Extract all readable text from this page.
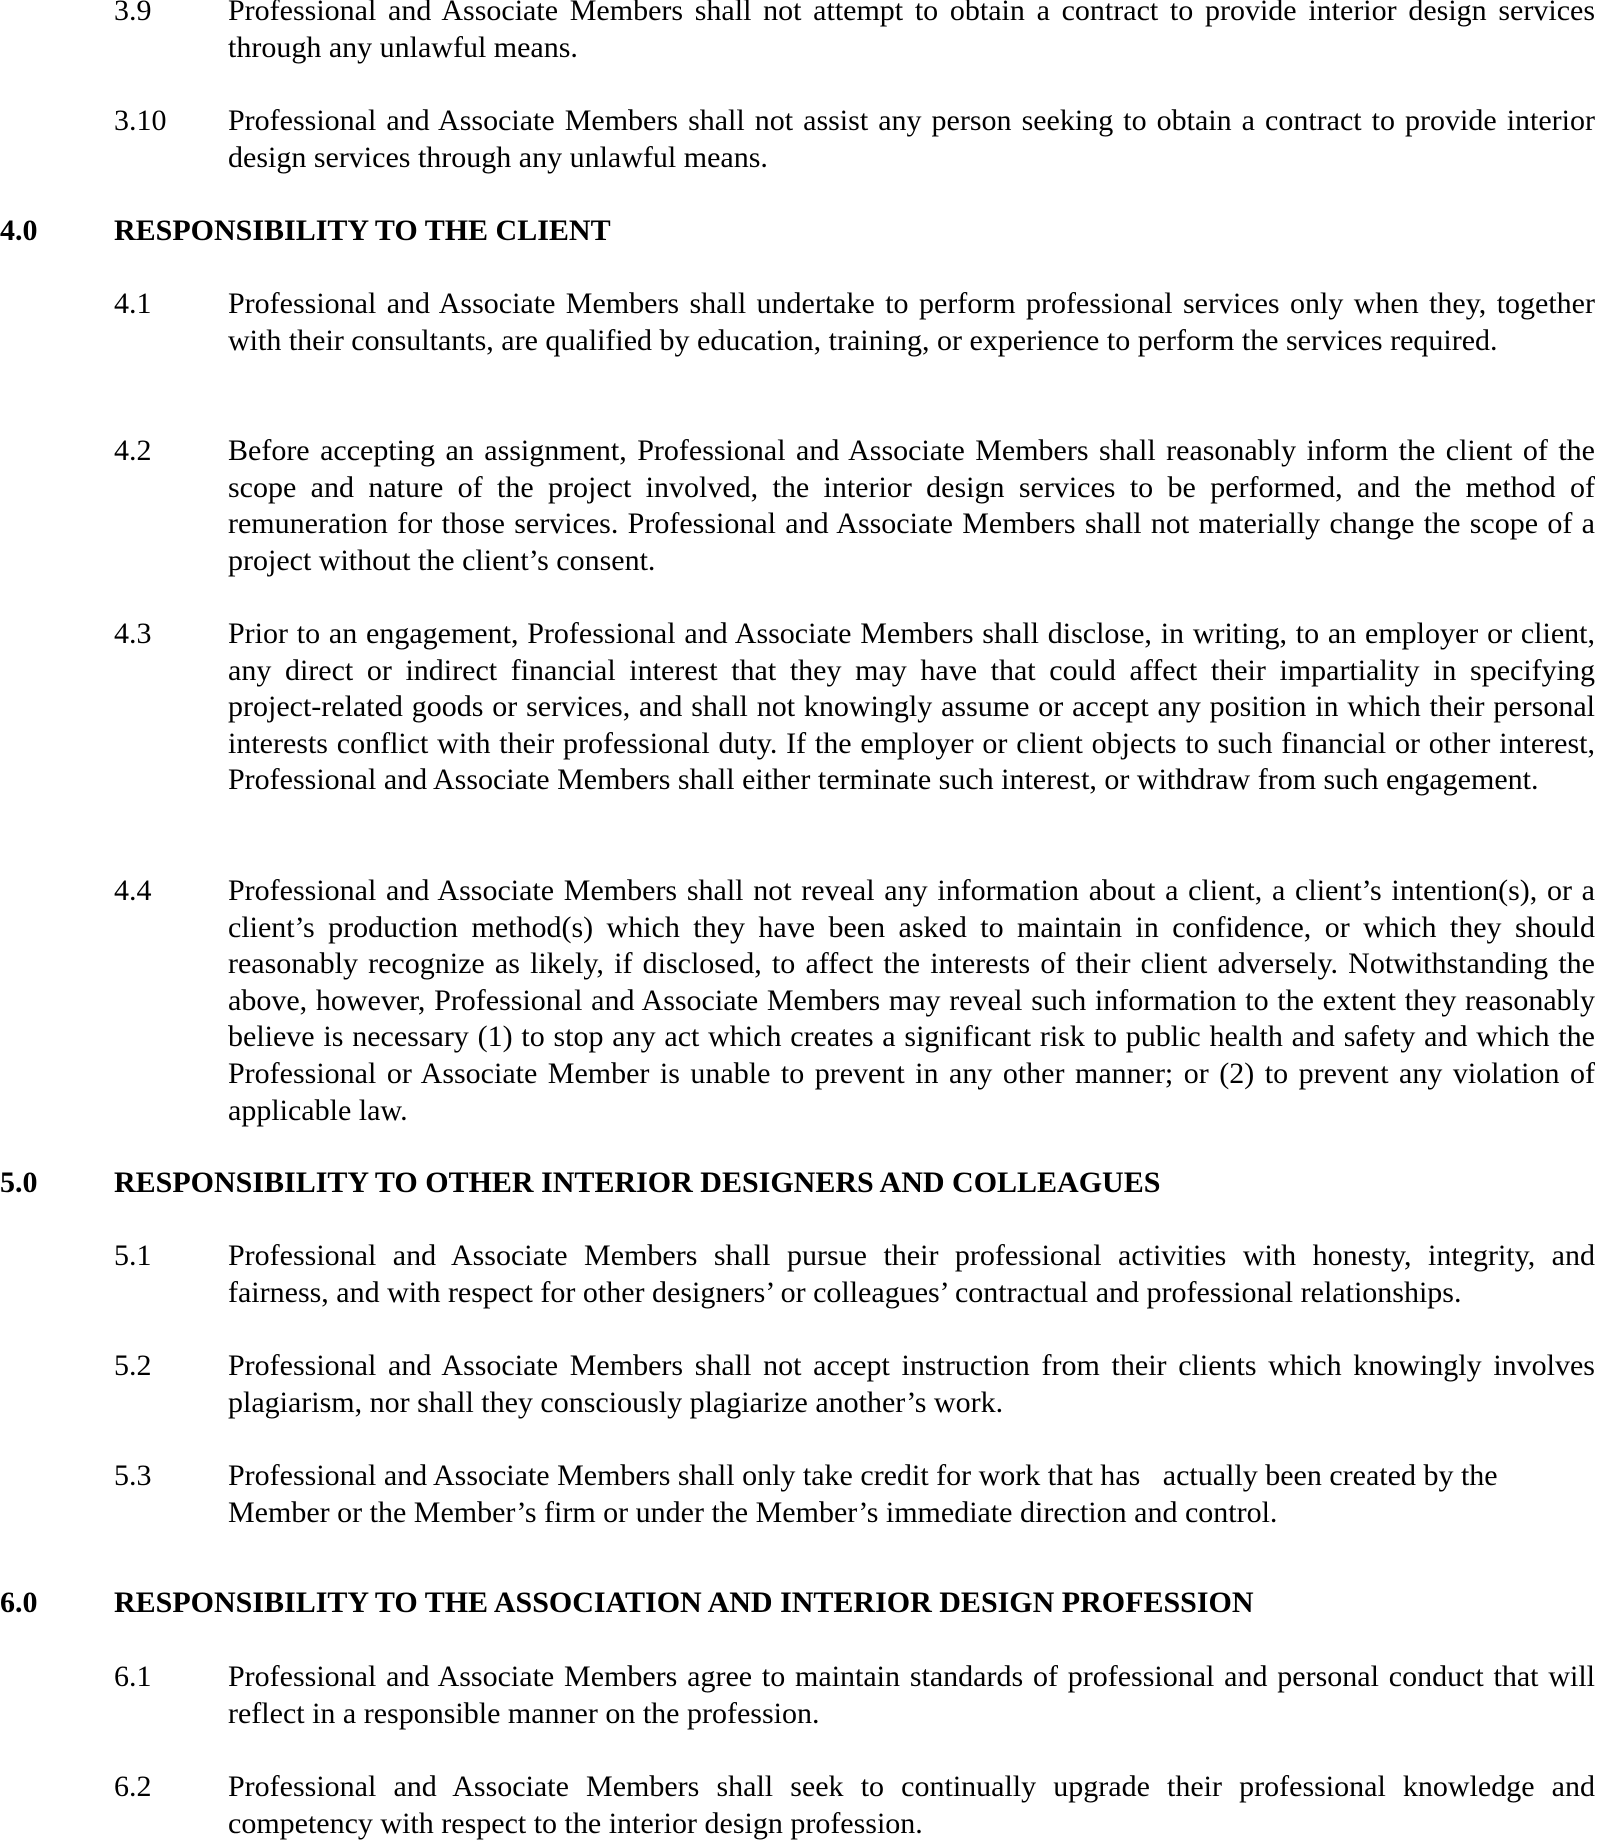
3.9	Professional and Associate Members shall not attempt to obtain a contract to provide interior design services through any unlawful means.
3.10 Professional and Associate Members shall not assist any person seeking to obtain a contract to provide interior design services through any unlawful means.
4.0	RESPONSIBILITY TO THE CLIENT
4.1	Professional and Associate Members shall undertake to perform professional services only when they, together with their consultants, are qualified by education, training, or experience to perform the services required.
4.2	Before accepting an assignment, Professional and Associate Members shall reasonably inform the client of the scope and nature of the project involved, the interior design services to be performed, and the method of remuneration for those services. Professional and Associate Members shall not materially change the scope of a project without the client’s consent.
4.3	Prior to an engagement, Professional and Associate Members shall disclose, in writing, to an employer or client, any direct or indirect financial interest that they may have that could affect their impartiality in specifying project-related goods or services, and shall not knowingly assume or accept any position in which their personal interests conflict with their professional duty. If the employer or client objects to such financial or other interest, Professional and Associate Members shall either terminate such interest, or withdraw from such engagement.
4.4	Professional and Associate Members shall not reveal any information about a client, a client’s intention(s), or a client’s production method(s) which they have been asked to maintain in confidence, or which they should reasonably recognize as likely, if disclosed, to affect the interests of their client adversely. Notwithstanding the above, however, Professional and Associate Members may reveal such information to the extent they reasonably believe is necessary (1) to stop any act which creates a significant risk to public health and safety and which the Professional or Associate Member is unable to prevent in any other manner; or (2) to prevent any violation of applicable law.
5.0	RESPONSIBILITY TO OTHER INTERIOR DESIGNERS AND COLLEAGUES
5.1	Professional and Associate Members shall pursue their professional activities with honesty, integrity, and fairness, and with respect for other designers’ or colleagues’ contractual and professional relationships.
5.2	Professional and Associate Members shall not accept instruction from their clients which knowingly involves plagiarism, nor shall they consciously plagiarize another’s work.
5.3	Professional and Associate Members shall only take credit for work that has   actually been created by the Member or the Member’s firm or under the Member’s immediate direction and control.
6.0	RESPONSIBILITY TO THE ASSOCIATION AND INTERIOR DESIGN PROFESSION
6.1	Professional and Associate Members agree to maintain standards of professional and personal conduct that will reflect in a responsible manner on the profession.
6.2	Professional and Associate Members shall seek to continually upgrade their professional knowledge and competency with respect to the interior design profession.
